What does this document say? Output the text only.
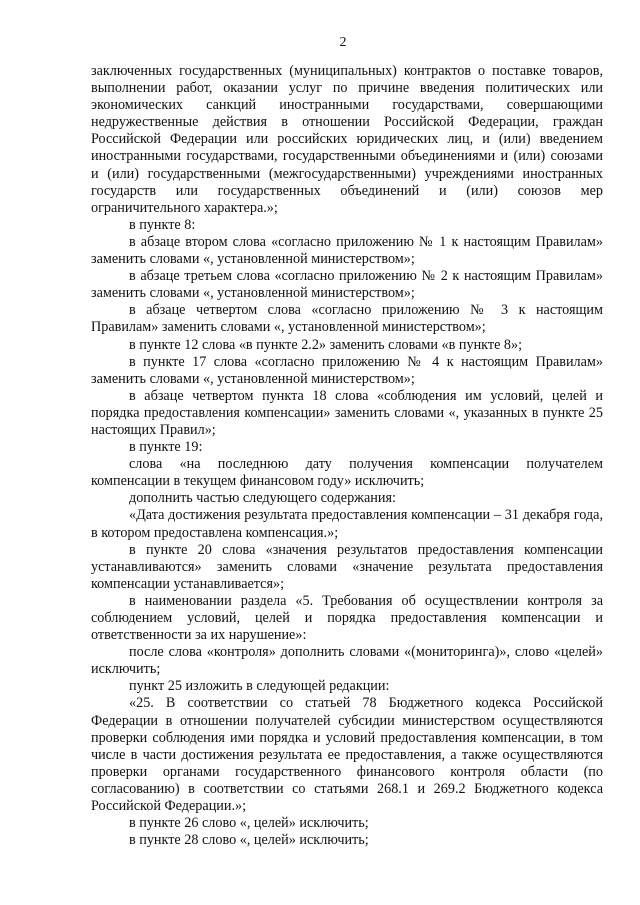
2

заключенных государственных (муниципальных) контрактов о поставке товаров, выполнении работ, оказании услуг по причине введения политических или экономических санкций иностранными государствами, совершающими недружественные действия в отношении Российской Федерации, граждан Российской Федерации или российских юридических лиц, и (или) введением иностранными государствами, государственными объединениями и (или) союзами и (или) государственными (межгосударственными) учреждениями иностранных государств или государственных объединений и (или) союзов мер ограничительного характера.»;

в пункте 8:

в абзаце втором слова «согласно приложению № 1 к настоящим Правилам» заменить словами «, установленной министерством»;

в абзаце третьем слова «согласно приложению № 2 к настоящим Правилам» заменить словами «, установленной министерством»;

в абзаце четвертом слова «согласно приложению № 3 к настоящим Правилам» заменить словами «, установленной министерством»;

в пункте 12 слова «в пункте 2.2» заменить словами «в пункте 8»;

в пункте 17 слова «согласно приложению № 4 к настоящим Правилам» заменить словами «, установленной министерством»;

в абзаце четвертом пункта 18 слова «соблюдения им условий, целей и порядка предоставления компенсации» заменить словами «, указанных в пункте 25 настоящих Правил»;

в пункте 19:

слова «на последнюю дату получения компенсации получателем компенсации в текущем финансовом году» исключить;

дополнить частью следующего содержания:

«Дата достижения результата предоставления компенсации – 31 декабря года, в котором предоставлена компенсация.»;

в пункте 20 слова «значения результатов предоставления компенсации устанавливаются» заменить словами «значение результата предоставления компенсации устанавливается»;

в наименовании раздела «5. Требования об осуществлении контроля за соблюдением условий, целей и порядка предоставления компенсации и ответственности за их нарушение»:

после слова «контроля» дополнить словами «(мониторинга)», слово «целей» исключить;

пункт 25 изложить в следующей редакции:

«25. В соответствии со статьей 78 Бюджетного кодекса Российской Федерации в отношении получателей субсидии министерством осуществляются проверки соблюдения ими порядка и условий предоставления компенсации, в том числе в части достижения результата ее предоставления, а также осуществляются проверки органами государственного финансового контроля области (по согласованию) в соответствии со статьями 268.1 и 269.2 Бюджетного кодекса Российской Федерации.»;

в пункте 26 слово «, целей» исключить;

в пункте 28 слово «, целей» исключить;
